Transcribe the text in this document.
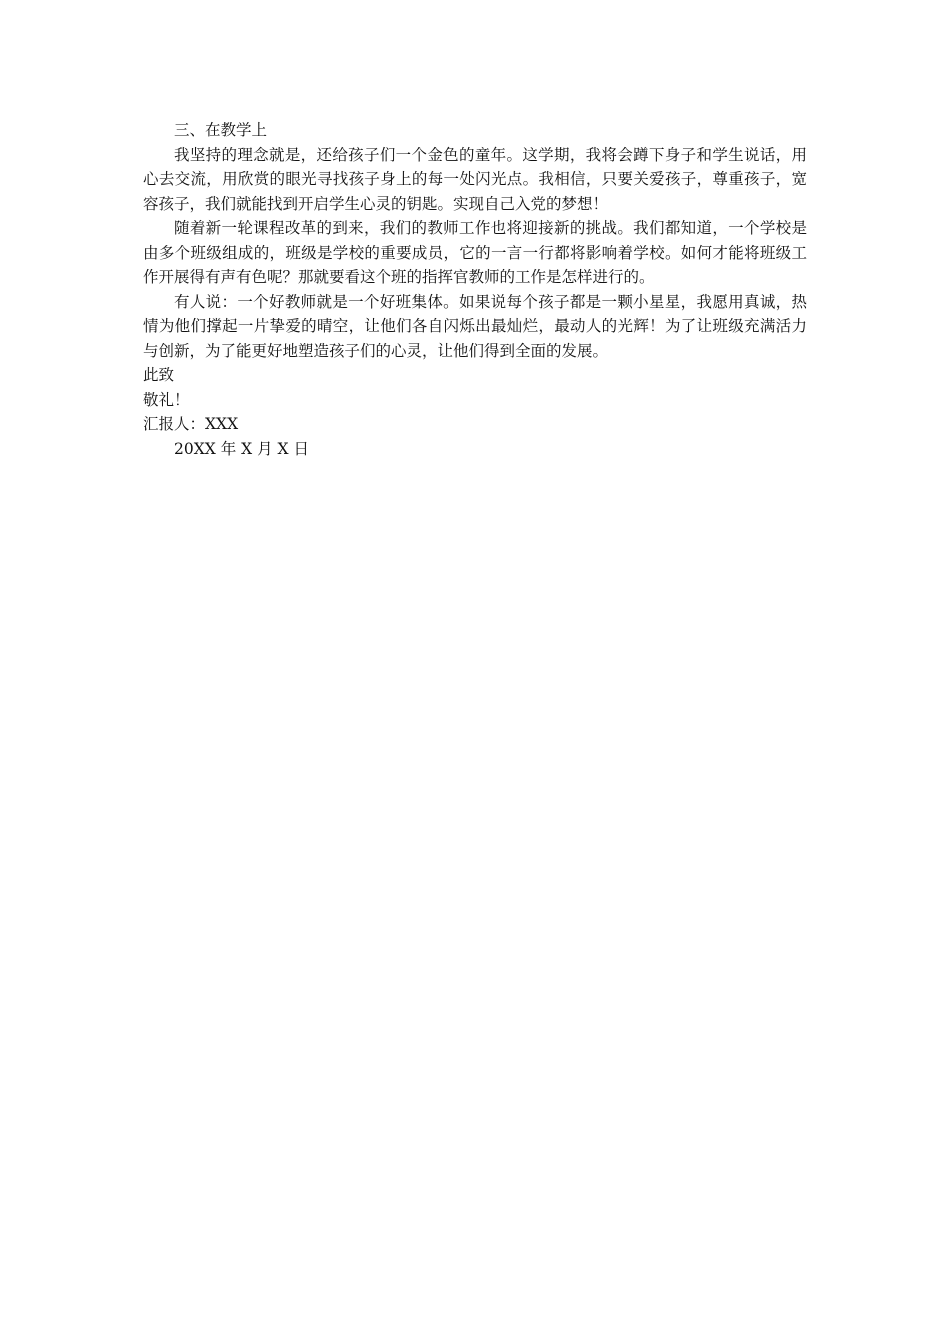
三、在教学上

我坚持的理念就是，还给孩子们一个金色的童年。这学期，我将会蹲下身子和学生说话，用心去交流，用欣赏的眼光寻找孩子身上的每一处闪光点。我相信，只要关爱孩子，尊重孩子，宽容孩子，我们就能找到开启学生心灵的钥匙。实现自己入党的梦想！

随着新一轮课程改革的到来，我们的教师工作也将迎接新的挑战。我们都知道，一个学校是由多个班级组成的，班级是学校的重要成员，它的一言一行都将影响着学校。如何才能将班级工作开展得有声有色呢？那就要看这个班的指挥官教师的工作是怎样进行的。

有人说：一个好教师就是一个好班集体。如果说每个孩子都是一颗小星星，我愿用真诚，热情为他们撑起一片挚爱的晴空，让他们各自闪烁出最灿烂，最动人的光辉！为了让班级充满活力与创新，为了能更好地塑造孩子们的心灵，让他们得到全面的发展。

此致

敬礼！

汇报人：XXX

20XX 年 X 月 X 日
